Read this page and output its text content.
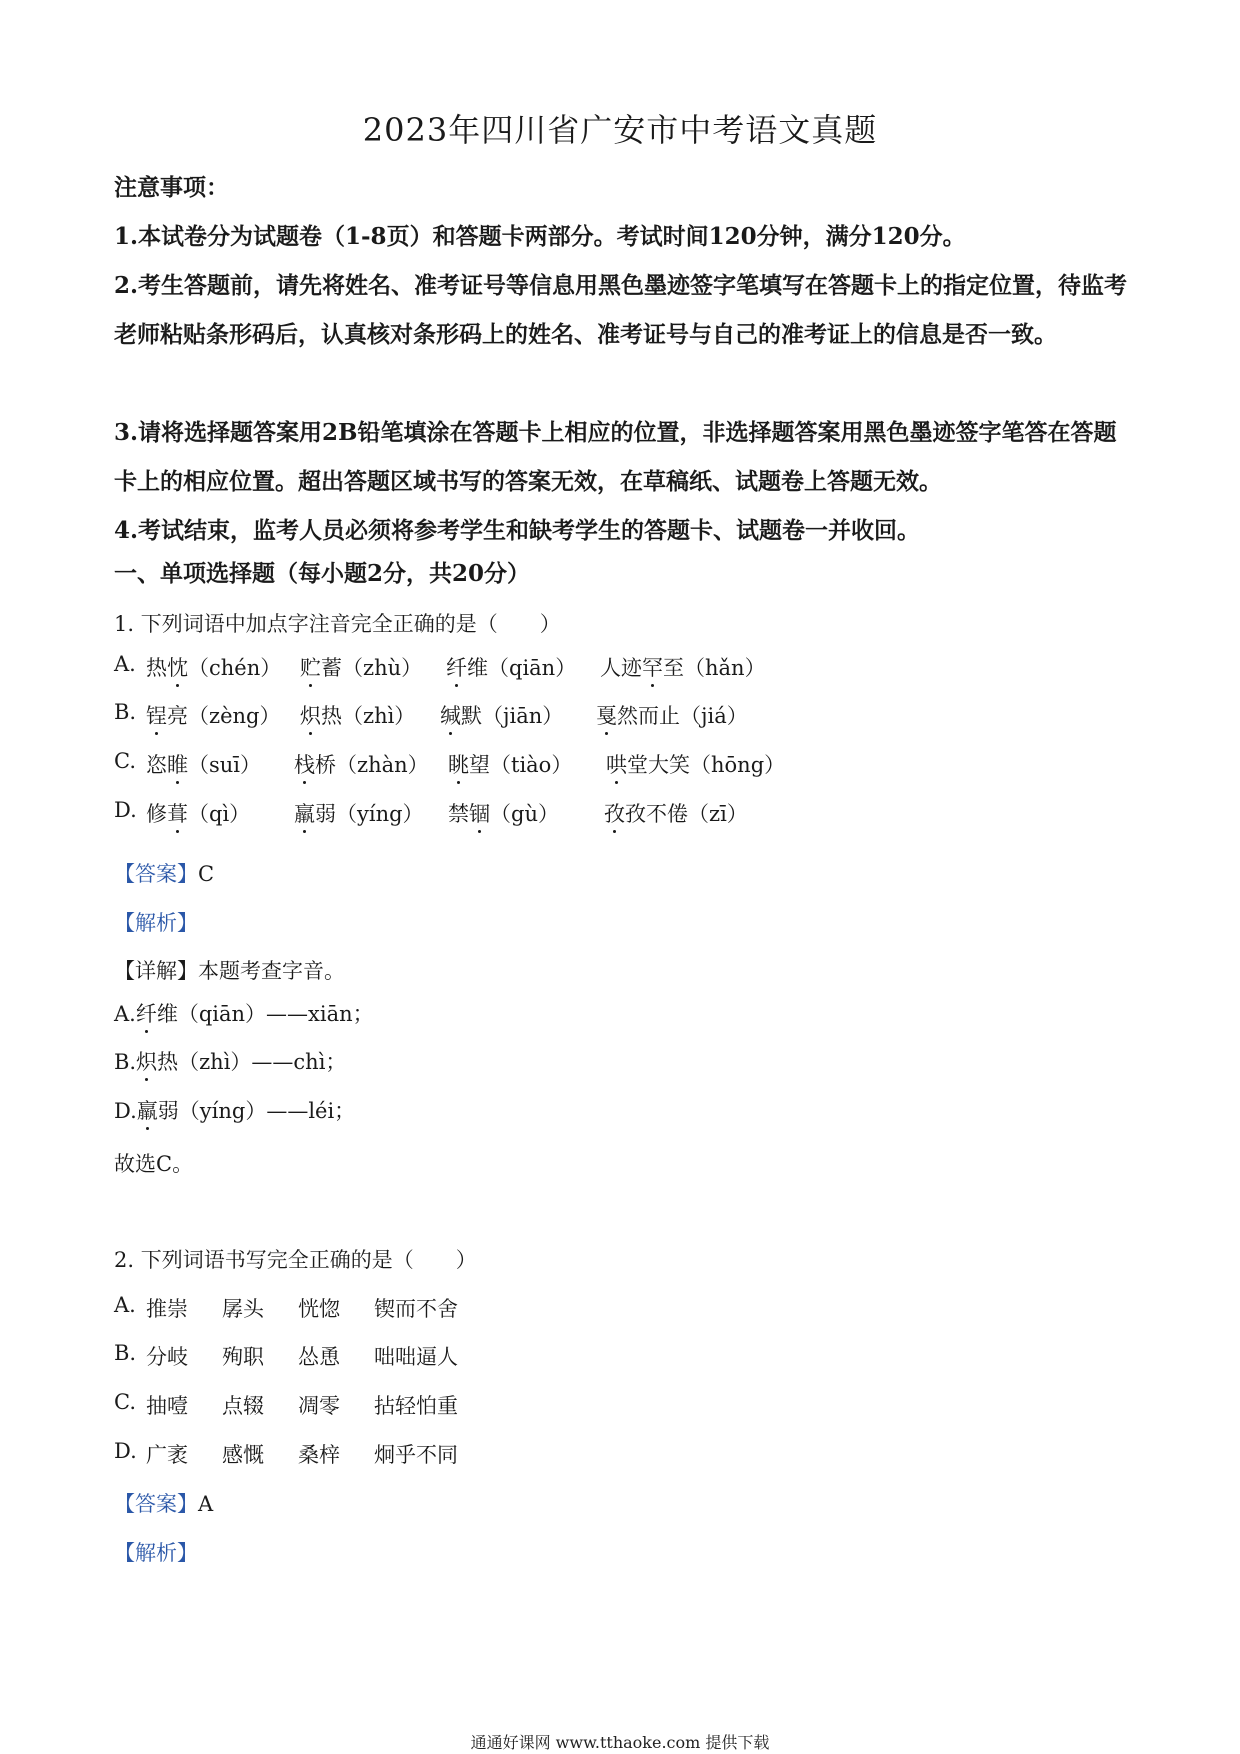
2023年四川省广安市中考语文真题
注意事项：
1.本试卷分为试题卷（1-8页）和答题卡两部分。考试时间120分钟，满分120分。
2.考生答题前，请先将姓名、准考证号等信息用黑色墨迹签字笔填写在答题卡上的指定位置，待监考老师粘贴条形码后，认真核对条形码上的姓名、准考证号与自己的准考证上的信息是否一致。
3.请将选择题答案用2B铅笔填涂在答题卡上相应的位置，非选择题答案用黑色墨迹签字笔答在答题卡上的相应位置。超出答题区域书写的答案无效，在草稿纸、试题卷上答题无效。
4.考试结束，监考人员必须将参考学生和缺考学生的答题卡、试题卷一并收回。
一、单项选择题（每小题2分，共20分）
1. 下列词语中加点字注音完全正确的是（　　）
A. 热忱（chén） 贮蓄（zhù） 纤维（qiān） 人迹罕至（hǎn）
B. 锃亮（zèng） 炽热（zhì） 缄默（jiān） 戛然而止（jiá）
C. 恣睢（suī） 栈桥（zhàn） 眺望（tiào） 哄堂大笑（hōng）
D. 修葺（qì） 羸弱（yíng） 禁锢（gù） 孜孜不倦（zī）
【答案】C
【解析】
【详解】本题考查字音。
A.纤维（qiān）——xiān；
B.炽热（zhì）——chì；
D.羸弱（yíng）——léi；
故选C。
2. 下列词语书写完全正确的是（　　）
A. 推崇 孱头 恍惚 锲而不舍
B. 分岐 殉职 怂恿 咄咄逼人
C. 抽噎 点辍 凋零 拈轻怕重
D. 广袤 感慨 桑梓 炯乎不同
【答案】A
【解析】
通通好课网 www.tthaoke.com 提供下载
